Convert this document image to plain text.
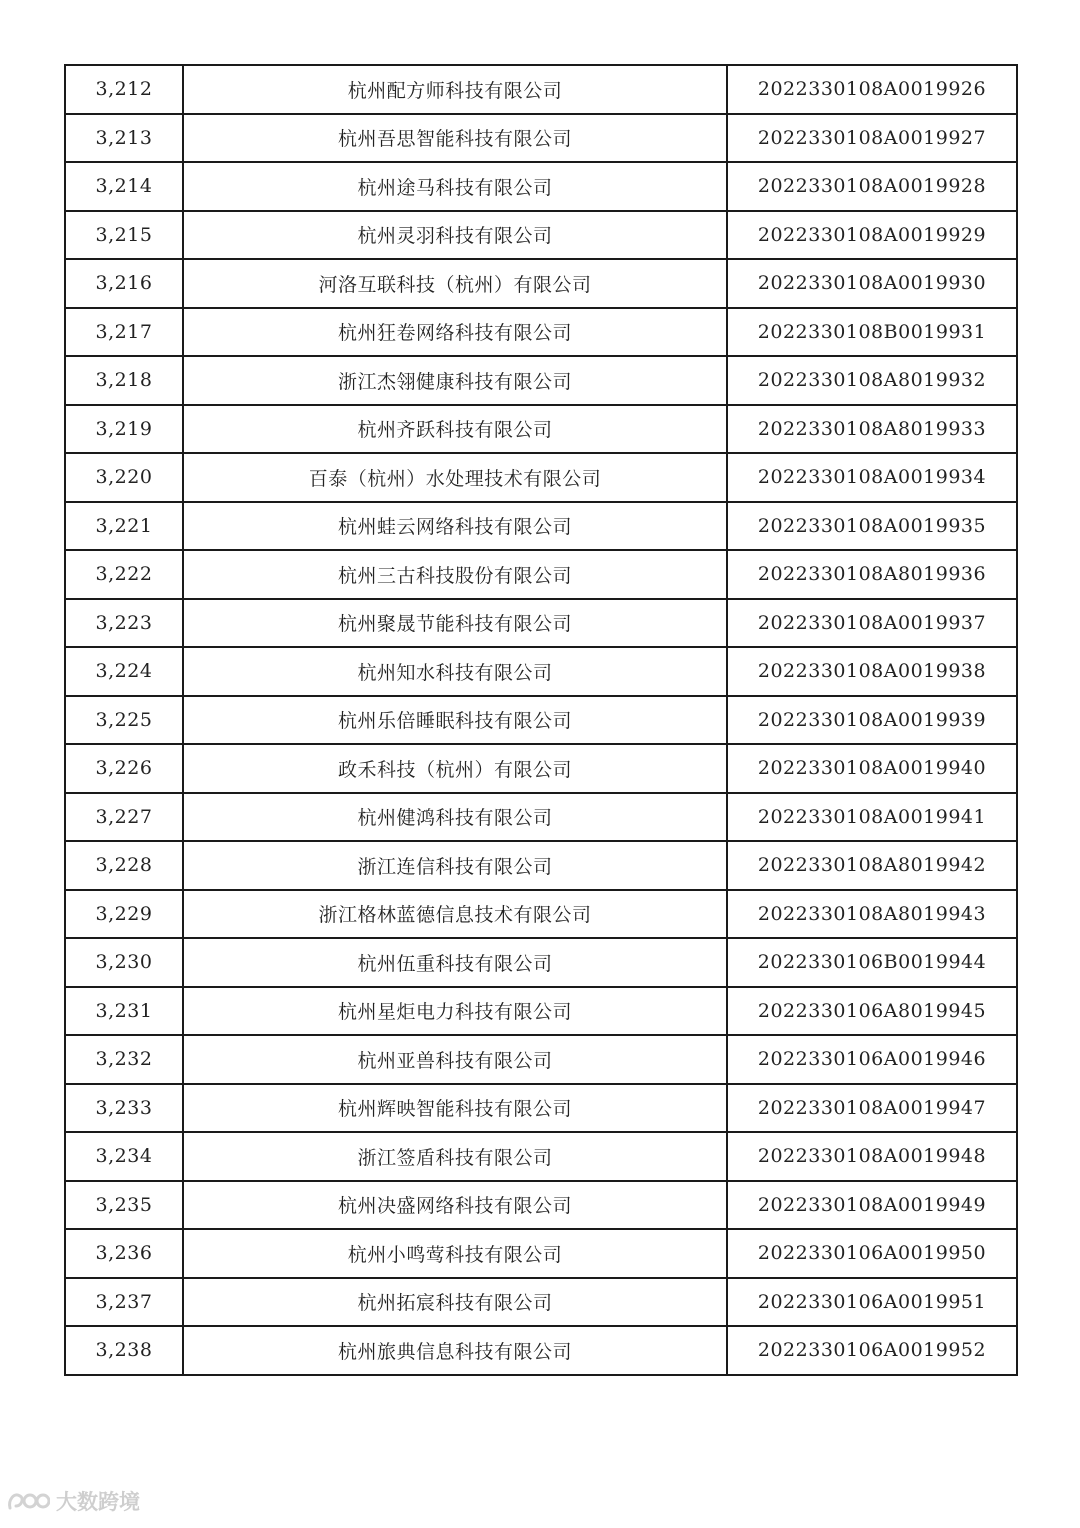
3,212	杭州配方师科技有限公司	2022330108A0019926
3,213	杭州吾思智能科技有限公司	2022330108A0019927
3,214	杭州途马科技有限公司	2022330108A0019928
3,215	杭州灵羽科技有限公司	2022330108A0019929
3,216	河洛互联科技（杭州）有限公司	2022330108A0019930
3,217	杭州狂卷网络科技有限公司	2022330108B0019931
3,218	浙江杰翎健康科技有限公司	2022330108A8019932
3,219	杭州齐跃科技有限公司	2022330108A8019933
3,220	百泰（杭州）水处理技术有限公司	2022330108A0019934
3,221	杭州蛙云网络科技有限公司	2022330108A0019935
3,222	杭州三古科技股份有限公司	2022330108A8019936
3,223	杭州聚晟节能科技有限公司	2022330108A0019937
3,224	杭州知水科技有限公司	2022330108A0019938
3,225	杭州乐倍睡眠科技有限公司	2022330108A0019939
3,226	政禾科技（杭州）有限公司	2022330108A0019940
3,227	杭州健鸿科技有限公司	2022330108A0019941
3,228	浙江连信科技有限公司	2022330108A8019942
3,229	浙江格林蓝德信息技术有限公司	2022330108A8019943
3,230	杭州伍重科技有限公司	2022330106B0019944
3,231	杭州星炬电力科技有限公司	2022330106A8019945
3,232	杭州亚兽科技有限公司	2022330106A0019946
3,233	杭州辉映智能科技有限公司	2022330108A0019947
3,234	浙江签盾科技有限公司	2022330108A0019948
3,235	杭州决盛网络科技有限公司	2022330108A0019949
3,236	杭州小鸣莺科技有限公司	2022330106A0019950
3,237	杭州拓宸科技有限公司	2022330106A0019951
3,238	杭州旅典信息科技有限公司	2022330106A0019952
大数跨境
